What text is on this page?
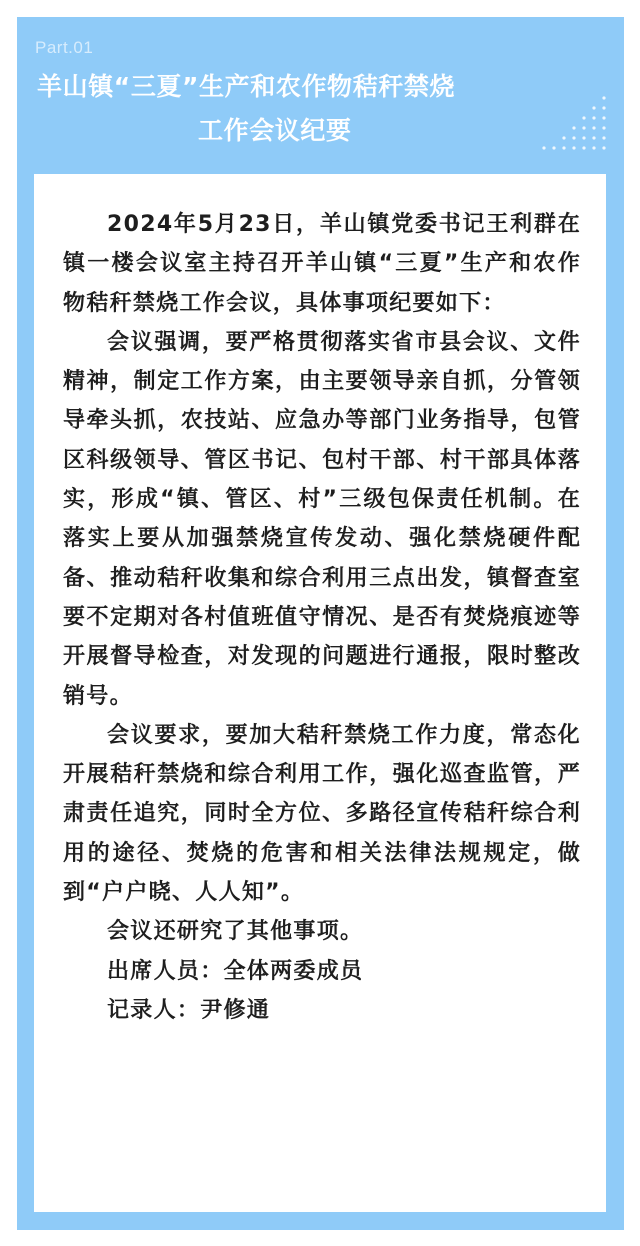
Part.01
羊山镇“三夏”生产和农作物秸秆禁烧
工作会议纪要

2024年5月23日，羊山镇党委书记王利群在镇一楼会议室主持召开羊山镇“三夏”生产和农作物秸秆禁烧工作会议，具体事项纪要如下：

会议强调，要严格贯彻落实省市县会议、文件精神，制定工作方案，由主要领导亲自抓，分管领导牵头抓，农技站、应急办等部门业务指导，包管区科级领导、管区书记、包村干部、村干部具体落实，形成“镇、管区、村”三级包保责任机制。在落实上要从加强禁烧宣传发动、强化禁烧硬件配备、推动秸秆收集和综合利用三点出发，镇督查室要不定期对各村值班值守情况、是否有焚烧痕迹等开展督导检查，对发现的问题进行通报，限时整改销号。

会议要求，要加大秸秆禁烧工作力度，常态化开展秸秆禁烧和综合利用工作，强化巡查监管，严肃责任追究，同时全方位、多路径宣传秸秆综合利用的途径、焚烧的危害和相关法律法规规定，做到“户户晓、人人知”。

会议还研究了其他事项。

出席人员：全体两委成员

记录人：尹修通
